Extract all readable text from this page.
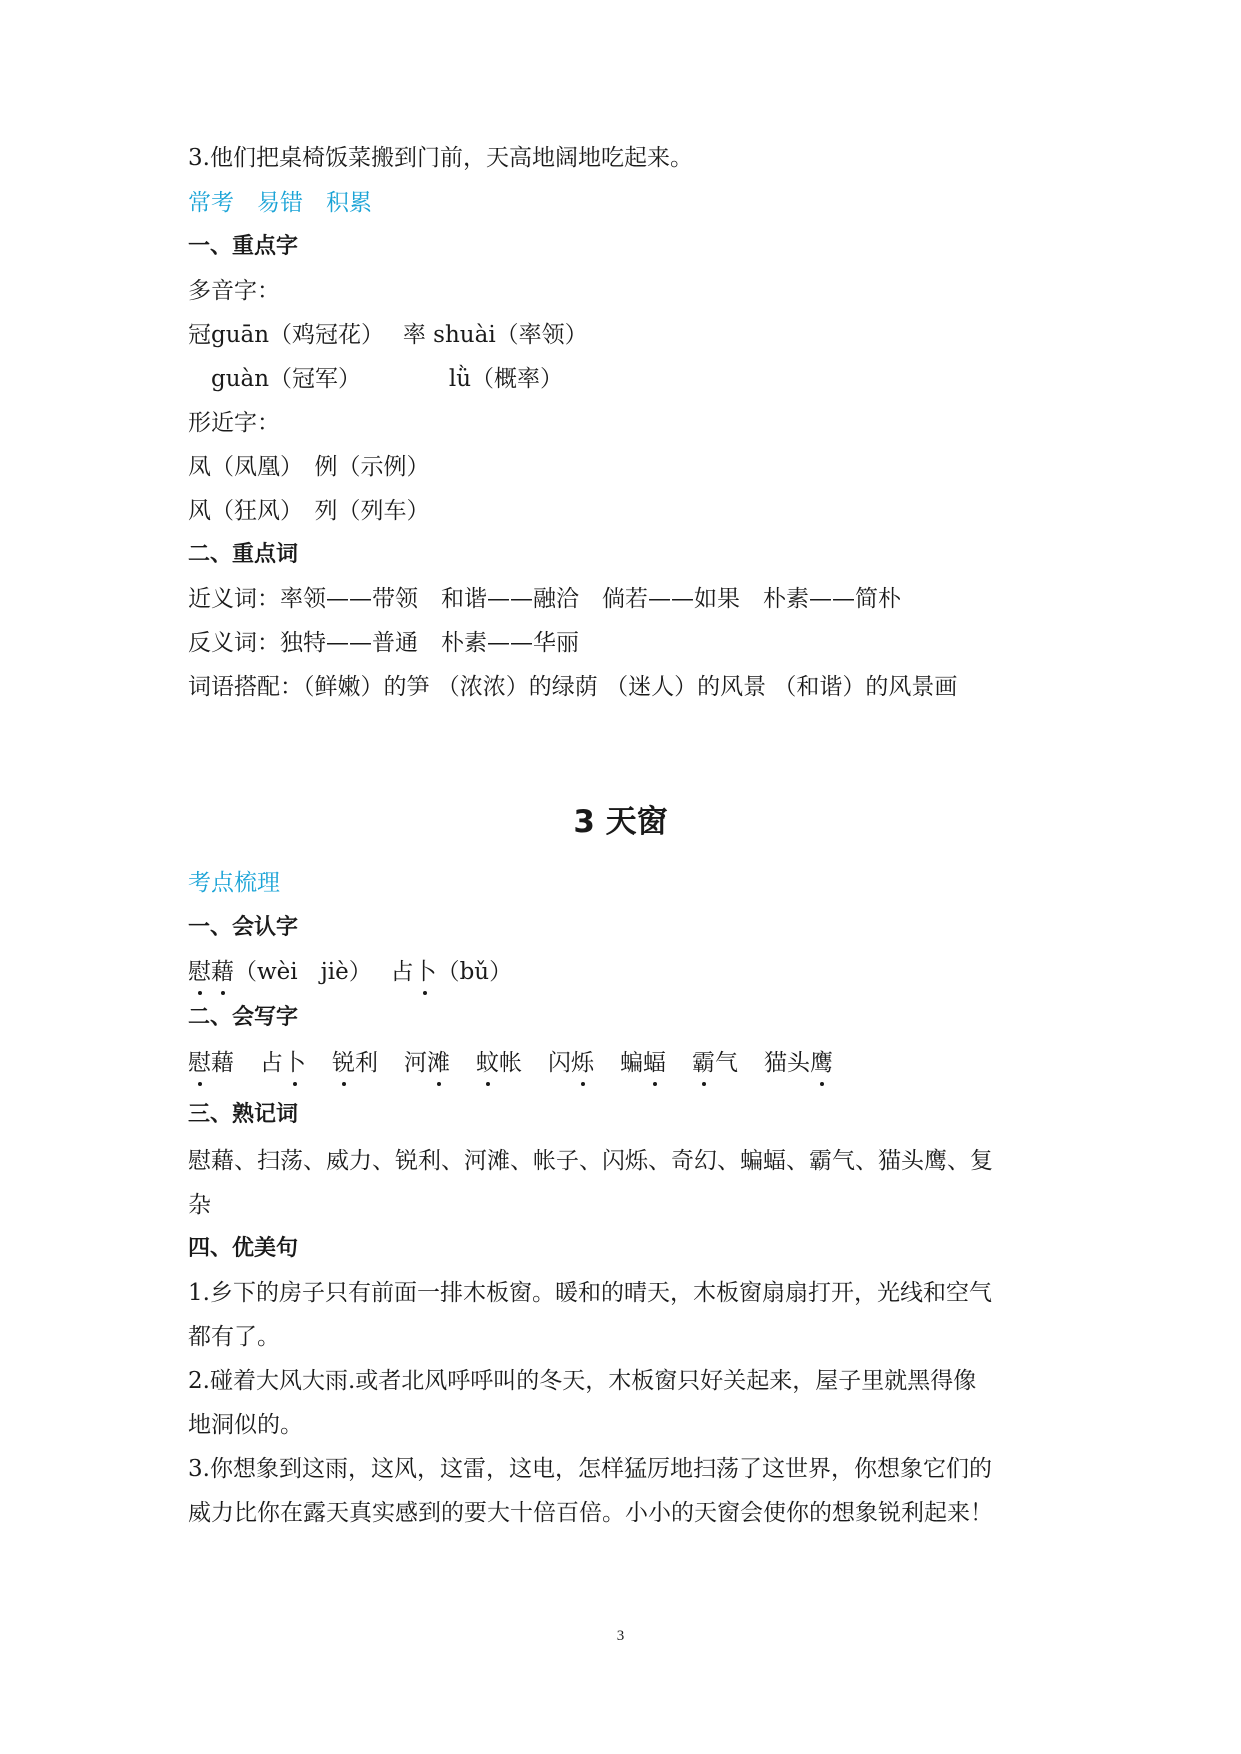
3.他们把桌椅饭菜搬到门前，天高地阔地吃起来。
常考　易错　积累
一、重点字
多音字：
冠guān（鸡冠花）　 率 shuài（率领）
　guàn（冠军）　　　　 lǜ（概率）
形近字：
凤（凤凰）　例（示例）
风（狂风）　列（列车）
二、重点词
近义词：率领——带领　和谐——融洽　倘若——如果　朴素——简朴
反义词：独特——普通　朴素——华丽
词语搭配：（鲜嫩）的笋 （浓浓）的绿荫 （迷人）的风景 （和谐）的风景画
3 天窗
考点梳理
一、会认字
慰藉（wèi　jiè）　 占卜（bǔ）
二、会写字
慰藉 占卜 锐利 河滩 蚊帐 闪烁 蝙蝠 霸气 猫头鹰
三、熟记词
慰藉、扫荡、威力、锐利、河滩、帐子、闪烁、奇幻、蝙蝠、霸气、猫头鹰、复
杂
四、优美句
1.乡下的房子只有前面一排木板窗。暖和的晴天，木板窗扇扇打开，光线和空气
都有了。
2.碰着大风大雨.或者北风呼呼叫的冬天，木板窗只好关起来，屋子里就黑得像
地洞似的。
3.你想象到这雨，这风，这雷，这电，怎样猛厉地扫荡了这世界，你想象它们的
威力比你在露天真实感到的要大十倍百倍。小小的天窗会使你的想象锐利起来！
3
